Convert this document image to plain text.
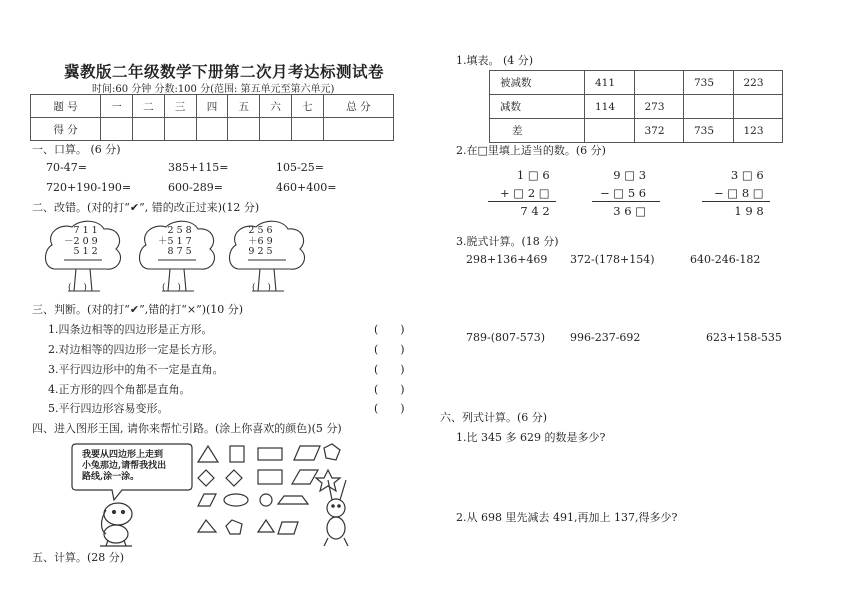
冀教版二年级数学下册第二次月考达标测试卷
时间:60 分钟 分数:100 分(范围: 第五单元至第六单元)
题 号	一	二	三	四	五	六	七	总 分
得 分								
一、口算。 (6 分)
70-47=	385+115=	105-25=
720+190-190=	600-289=	460+400=
二、改错。(对的打“✔”, 错的改正过来)(12 分)
7 1 1
－2 0 9
5 1 2
(　 )
2 5 8
＋5 1 7
8 7 5
(　 )
2 5 6
＋6 9
9 2 5
(　 )
三、判断。(对的打“✔”,错的打“×”)(10 分)
1.四条边相等的四边形是正方形。
2.对边相等的四边形一定是长方形。
3.平行四边形中的角不一定是直角。
4.正方形的四个角都是直角。
5.平行四边形容易变形。
(　　)
(　　)
(　　)
(　　)
(　　)
四、进入图形王国, 请你来帮忙引路。(涂上你喜欢的颜色)(5 分)
我要从四边形上走到
小兔那边,请帮我找出
路线,涂一涂。
五、计算。(28 分)
1.填表。 (4 分)
被减数	411		735	223
减数	114	273		
差		372	735	123
2.在□里填上适当的数。(6 分)
1 □ 6
+ □ 2 □
7 4 2
9 □ 3
− □ 5 6
3 6 □
3 □ 6
− □ 8 □
1 9 8
3.脱式计算。(18 分)
298+136+469 372-(178+154)	640-246-182
789-(807-573) 996-237-692	623+158-535
六、列式计算。(6 分)
1.比 345 多 629 的数是多少?
2.从 698 里先减去 491,再加上 137,得多少?
